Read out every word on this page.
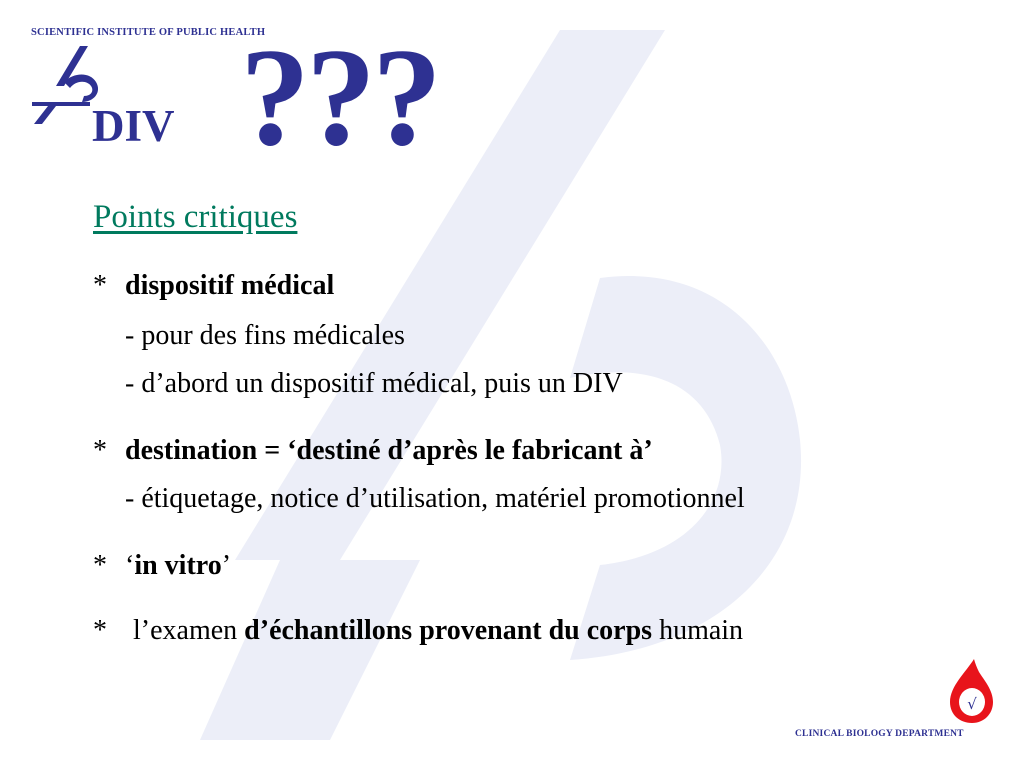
SCIENTIFIC INSTITUTE OF PUBLIC HEALTH
DIV ???
Points critiques
* dispositif médical
- pour des fins médicales
- d’abord un dispositif médical, puis un DIV
* destination = ‘destiné d’après le fabricant à’
- étiquetage, notice d’utilisation, matériel promotionnel
* ‘in vitro’
* l’examen d’échantillons provenant du corps humain
√
CLINICAL BIOLOGY DEPARTMENT
